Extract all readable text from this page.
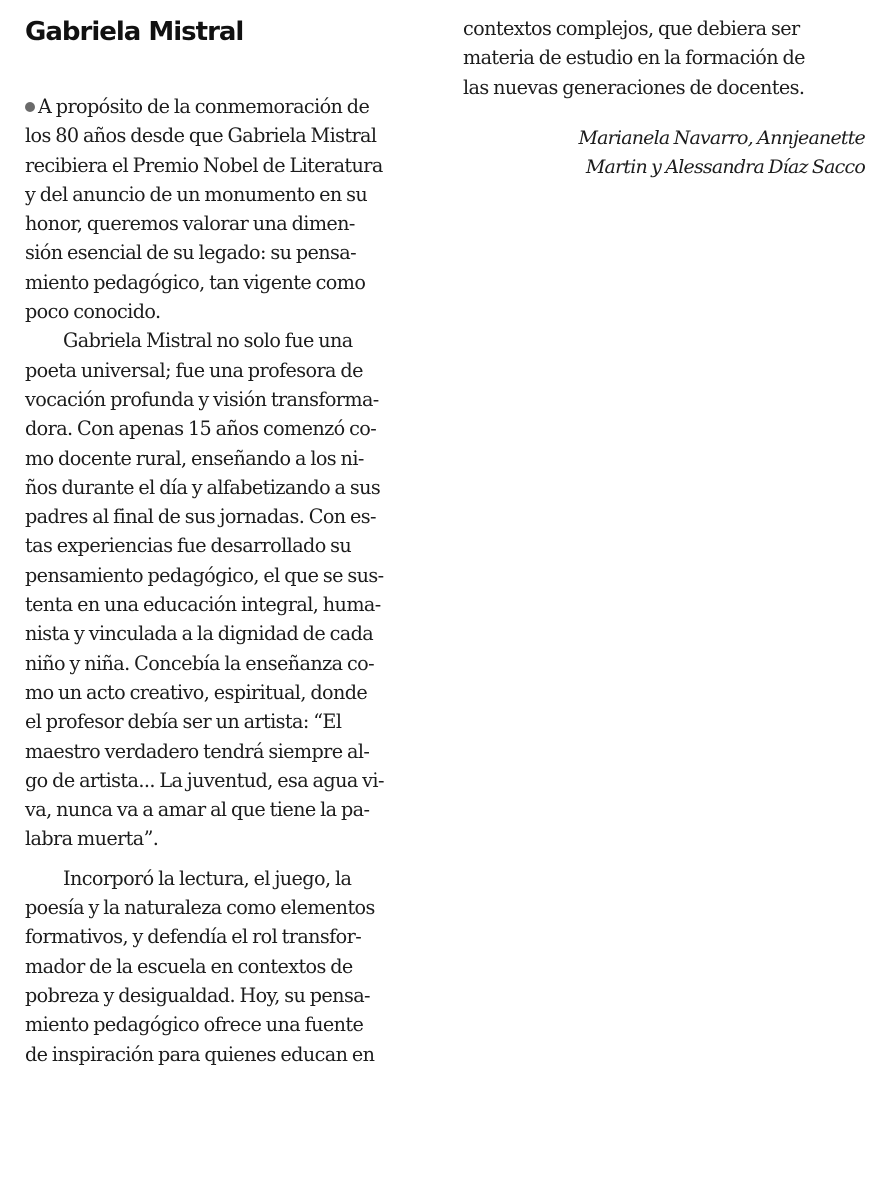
Gabriela Mistral
A propósito de la conmemoración de
los 80 años desde que Gabriela Mistral
recibiera el Premio Nobel de Literatura
y del anuncio de un monumento en su
honor, queremos valorar una dimen-
sión esencial de su legado: su pensa-
miento pedagógico, tan vigente como
poco conocido.
Gabriela Mistral no solo fue una
poeta universal; fue una profesora de
vocación profunda y visión transforma-
dora. Con apenas 15 años comenzó co-
mo docente rural, enseñando a los ni-
ños durante el día y alfabetizando a sus
padres al final de sus jornadas. Con es-
tas experiencias fue desarrollado su
pensamiento pedagógico, el que se sus-
tenta en una educación integral, huma-
nista y vinculada a la dignidad de cada
niño y niña. Concebía la enseñanza co-
mo un acto creativo, espiritual, donde
el profesor debía ser un artista: “El
maestro verdadero tendrá siempre al-
go de artista... La juventud, esa agua vi-
va, nunca va a amar al que tiene la pa-
labra muerta”.
Incorporó la lectura, el juego, la
poesía y la naturaleza como elementos
formativos, y defendía el rol transfor-
mador de la escuela en contextos de
pobreza y desigualdad. Hoy, su pensa-
miento pedagógico ofrece una fuente
de inspiración para quienes educan en
contextos complejos, que debiera ser
materia de estudio en la formación de
las nuevas generaciones de docentes.
Marianela Navarro, Annjeanette
Martin y Alessandra Díaz Sacco
